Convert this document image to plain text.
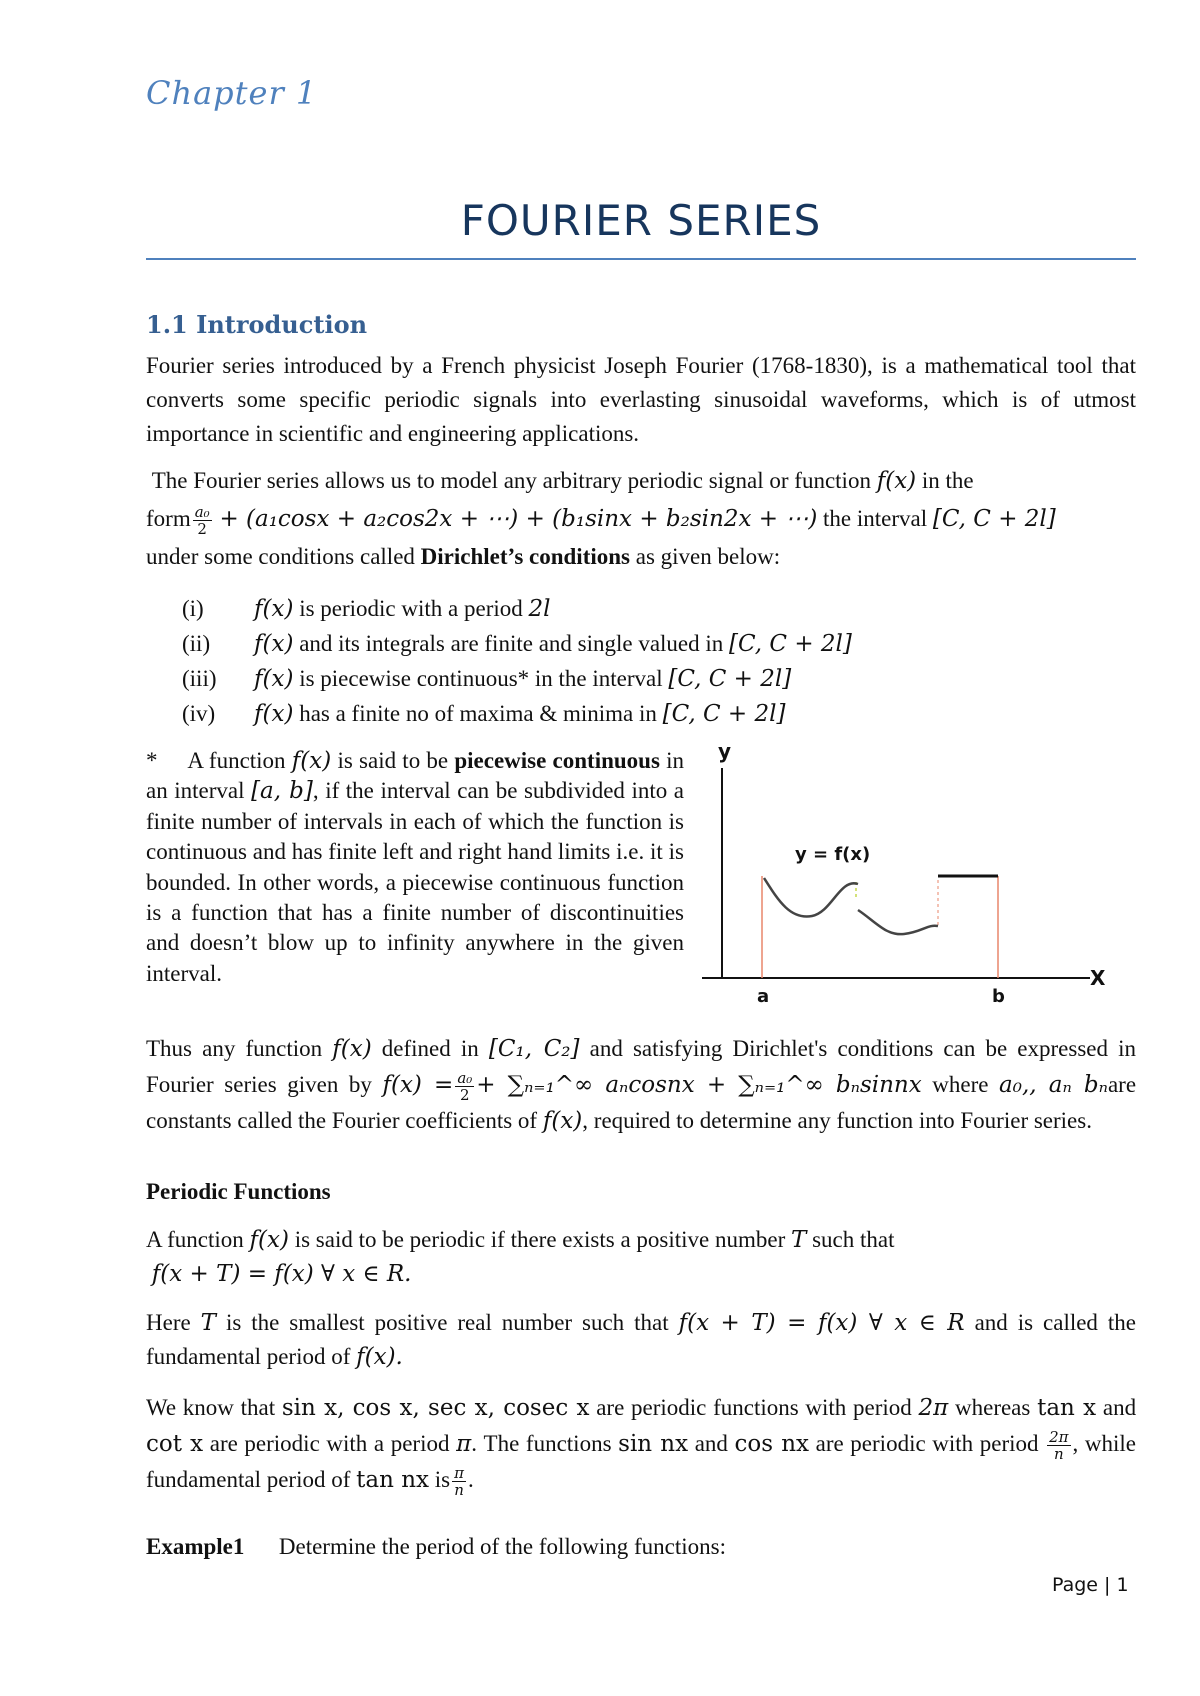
Chapter 1
FOURIER SERIES
1.1 Introduction
Fourier series introduced by a French physicist Joseph Fourier (1768-1830), is a mathematical tool that converts some specific periodic signals into everlasting sinusoidal waveforms, which is of utmost importance in scientific and engineering applications.
The Fourier series allows us to model any arbitrary periodic signal or function f(x) in the
form $\frac{\text{a₀}}{2} + (a_1\cos x + a_2\cos 2x$ + ⋯) + (b₁sinx + b₂sin2x + ⋯) the interval [C, C + 2l]
under some conditions called Dirichlet’s conditions as given below:
(i) f(x) is periodic with a period 2l
(ii) f(x) and its integrals are finite and single valued in [C, C + 2l]
(iii) f(x) is piecewise continuous* in the interval [C, C + 2l]
(iv) f(x) has a finite no of maxima & minima in [C, C + 2l]
* A function f(x) is said to be piecewise continuous in an interval [a, b], if the interval can be subdivided into a finite number of intervals in each of which the function is continuous and has finite left and right hand limits i.e. it is bounded. In other words, a piecewise continuous function is a function that has a finite number of discontinuities and doesn’t blow up to infinity anywhere in the given interval.
y
X
y = f(x)
a	b
Thus any function f(x) defined in [C₁, C₂] and satisfying Dirichlet's conditions can be expressed in Fourier series given by $f(x) = \frac{\text{a₀}}{2}$ + ∑ₙ₌₁^∞ aₙcosnx + ∑ₙ₌₁^∞ bₙsinnx where a₀,, aₙ bₙare constants called the Fourier coefficients of f(x), required to determine any function into Fourier series.
Periodic Functions
A function f(x) is said to be periodic if there exists a positive number T such that
f(x + T) = f(x) ∀ x ∈ R.
Here T is the smallest positive real number such that f(x + T) = f(x) ∀ x ∈ R and is called the fundamental period of f(x).
We know that sin x, cos x, sec x, cosec x are periodic functions with period 2π whereas tan x and cot x are periodic with a period π. The functions sin nx and cos nx are periodic with period $\frac{2\pi}{n}$ , while fundamental period of tan nx is $\frac{\pi}{n}$ .
Example1 Determine the period of the following functions:
Page | 1
